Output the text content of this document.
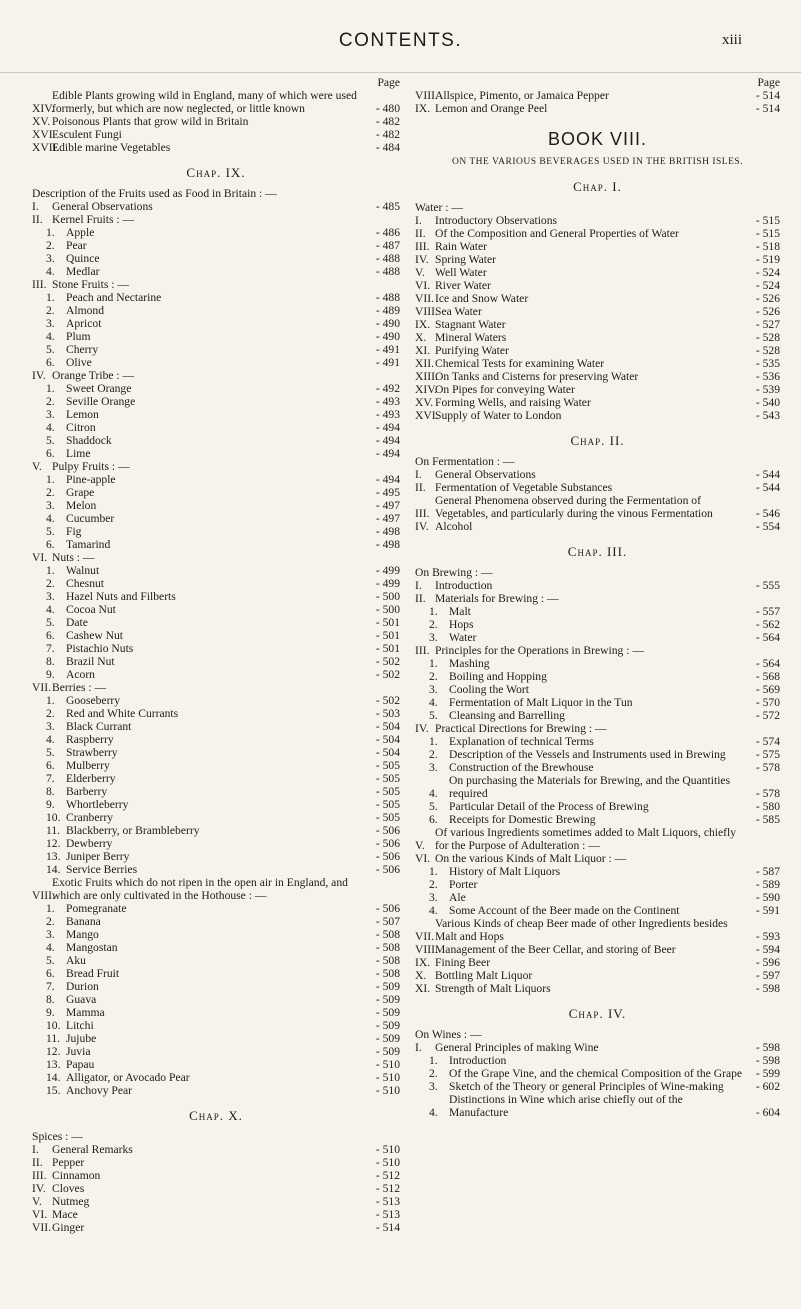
CONTENTS.	xiii
Page
XIV.
Edible Plants growing wild in England, many of which were used formerly, but which are now neglected, or little known	- 480
XV. Poisonous Plants that grow wild in Britain	- 482
XVI.
Esculent Fungi	- 482
XVII.
Edible marine Vegetables	- 484
Chap. IX.
Description of the Fruits used as Food in Britain : —
I.	General Observations	- 485
II. Kernel Fruits : —
1. Apple	- 486
2. Pear	- 487
3. Quince	- 488
4. Medlar	- 488
III. Stone Fruits : —
1. Peach and Nectarine	- 488
2. Almond	- 489
3. Apricot	- 490
4. Plum	- 490
5. Cherry	- 491
6. Olive	- 491
IV. Orange Tribe : —
1. Sweet Orange	- 492
2. Seville Orange	- 493
3. Lemon	- 493
4. Citron	- 494
5. Shaddock	- 494
6. Lime	- 494
V. Pulpy Fruits : —
1. Pine-apple	- 494
2. Grape	- 495
3. Melon	- 497
4. Cucumber	- 497
5. Fig	- 498
6. Tamarind	- 498
VI. Nuts : —
1. Walnut	- 499
2. Chesnut	- 499
3. Hazel Nuts and Filberts	- 500
4. Cocoa Nut	- 500
5. Date	- 501
6. Cashew Nut	- 501
7. Pistachio Nuts	- 501
8. Brazil Nut	- 502
9. Acorn	- 502
VII. Berries : —
1. Gooseberry	- 502
2. Red and White Currants	- 503
3. Black Currant	- 504
4. Raspberry	- 504
5. Strawberry	- 504
6. Mulberry	- 505
7. Elderberry	- 505
8. Barberry	- 505
9. Whortleberry	- 505
10. Cranberry	- 505
11. Blackberry, or Brambleberry	- 506
12. Dewberry	- 506
13. Juniper Berry	- 506
14. Service Berries	- 506
VIII.
Exotic Fruits which do not ripen in the open air in England, and which are only cultivated in the Hothouse : —
1. Pomegranate	- 506
2. Banana	- 507
3. Mango	- 508
4. Mangostan	- 508
5. Aku	- 508
6. Bread Fruit	- 508
7. Durion	- 509
8. Guava	- 509
9. Mamma	- 509
10. Litchi	- 509
11. Jujube	- 509
12. Juvia	- 509
13. Papau	- 510
14. Alligator, or Avocado Pear	- 510
15. Anchovy Pear	- 510
Chap. X.
Spices : —
I.	General Remarks	- 510
II. Pepper	- 510
III. Cinnamon	- 512
IV. Cloves	- 512
V. Nutmeg	- 513
VI. Mace	- 513
VII. Ginger	- 514
Page
VIII.
Allspice, Pimento, or Jamaica Pepper	- 514
IX. Lemon and Orange Peel	- 514
BOOK VIII.
ON THE VARIOUS BEVERAGES USED IN THE BRITISH ISLES.
Chap. I.
Water : —
I.	Introductory Observations	- 515
II. Of the Composition and General Properties of Water	- 515
III. Rain Water	- 518
IV. Spring Water	- 519
V. Well Water	- 524
VI. River Water	- 524
VII. Ice and Snow Water	- 526
VIII.
Sea Water	- 526
IX. Stagnant Water	- 527
X. Mineral Waters	- 528
XI. Purifying Water	- 528
XII. Chemical Tests for examining Water	- 535
XIII.
On Tanks and Cisterns for preserving Water	- 536
XIV.
On Pipes for conveying Water	- 539
XV. Forming Wells, and raising Water	- 540
XVI.
Supply of Water to London	- 543
Chap. II.
On Fermentation : —
I.	General Observations	- 544
II. Fermentation of Vegetable Substances	- 544
III.
General Phenomena observed during the Fermentation of Vegetables, and particularly during the vinous Fermentation	- 546
IV. Alcohol	- 554
Chap. III.
On Brewing : —
I.	Introduction	- 555
II. Materials for Brewing : —
1. Malt	- 557
2. Hops	- 562
3. Water	- 564
III. Principles for the Operations in Brewing : —
1. Mashing	- 564
2. Boiling and Hopping	- 568
3. Cooling the Wort	- 569
4. Fermentation of Malt Liquor in the Tun	- 570
5. Cleansing and Barrelling	- 572
IV. Practical Directions for Brewing : —
1. Explanation of technical Terms	- 574
2. Description of the Vessels and Instruments used in Brewing	- 575
3. Construction of the Brewhouse	- 578
4.
On purchasing the Materials for Brewing, and the Quantities required	- 578
5. Particular Detail of the Process of Brewing	- 580
6. Receipts for Domestic Brewing	- 585
V.
Of various Ingredients sometimes added to Malt Liquors, chiefly for the Purpose of Adulteration : —
VI. On the various Kinds of Malt Liquor : —
1. History of Malt Liquors	- 587
2. Porter	- 589
3. Ale	- 590
4. Some Account of the Beer made on the Continent	- 591
VII.
Various Kinds of cheap Beer made of other Ingredients besides Malt and Hops	- 593
VIII.
Management of the Beer Cellar, and storing of Beer	- 594
IX. Fining Beer	- 596
X. Bottling Malt Liquor	- 597
XI. Strength of Malt Liquors	- 598
Chap. IV.
On Wines : —
I.	General Principles of making Wine	- 598
1. Introduction	- 598
2. Of the Grape Vine, and the chemical Composition of the Grape	- 599
3. Sketch of the Theory or general Principles of Wine-making	- 602
4.
Distinctions in Wine which arise chiefly out of the Manufacture	- 604
